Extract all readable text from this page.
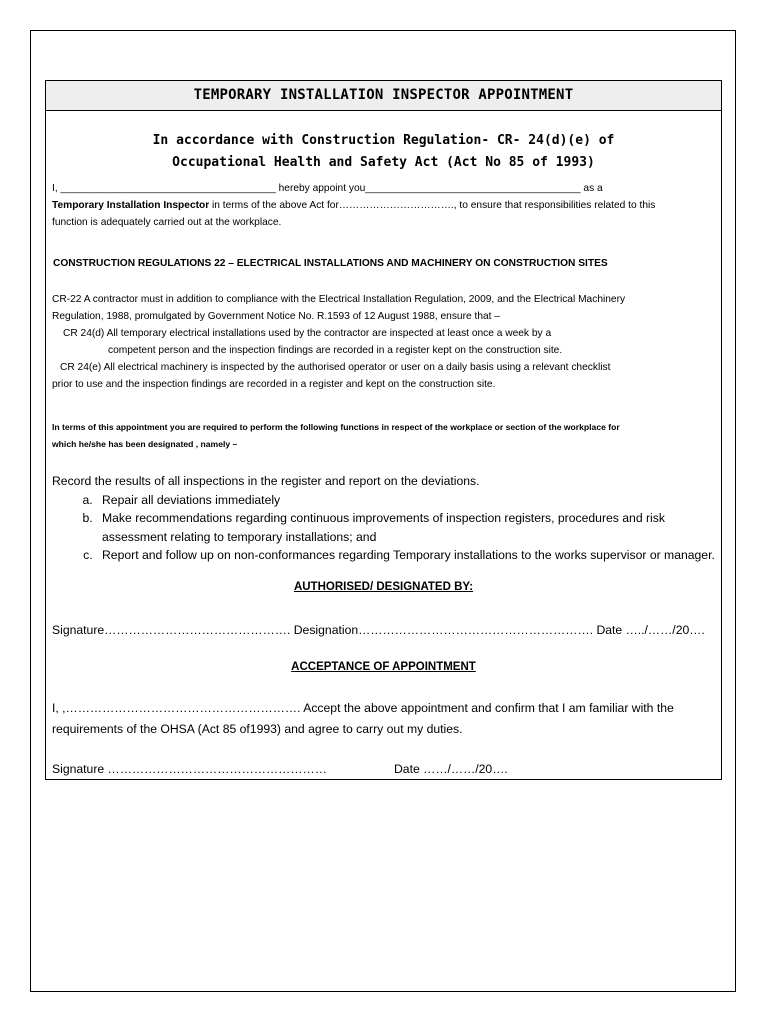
TEMPORARY INSTALLATION INSPECTOR APPOINTMENT
In accordance with Construction Regulation- CR- 24(d)(e) of
Occupational Health and Safety Act (Act No 85 of 1993)
I, ______________________________________ hereby appoint you______________________________________ as a
Temporary Installation Inspector in terms of the above Act for……………………………., to ensure that responsibilities related to this
function is adequately carried out at the workplace.
CONSTRUCTION REGULATIONS 22 – ELECTRICAL INSTALLATIONS AND MACHINERY ON CONSTRUCTION SITES
CR-22 A contractor must in addition to compliance with the Electrical Installation Regulation, 2009, and the Electrical Machinery
Regulation, 1988, promulgated by Government Notice No. R.1593 of 12 August 1988, ensure that –
CR 24(d) All temporary electrical installations used by the contractor are inspected at least once a week by a
competent person and the inspection findings are recorded in a register kept on the construction site.
CR 24(e) All electrical machinery is inspected by the authorised operator or user on a daily basis using a relevant checklist
prior to use and the inspection findings are recorded in a register and kept on the construction site.
In terms of this appointment you are required to perform the following functions in respect of the workplace or section of the workplace for
which he/she has been designated , namely –
Record the results of all inspections in the register and report on the deviations.
a. Repair all deviations immediately
b. Make recommendations regarding continuous improvements of inspection registers, procedures and risk assessment relating to temporary installations; and
c. Report and follow up on non-conformances regarding Temporary installations to the works supervisor or manager.
AUTHORISED/ DESIGNATED BY:
Signature………………………………………. Designation…………………………………………………. Date …../……/20….
ACCEPTANCE OF APPOINTMENT
I, ,…………………………………………………. Accept the above appointment and confirm that I am familiar with the
requirements of the OHSA (Act 85 of1993) and agree to carry out my duties.
Signature ………………………………………………	Date ……/……/20….
